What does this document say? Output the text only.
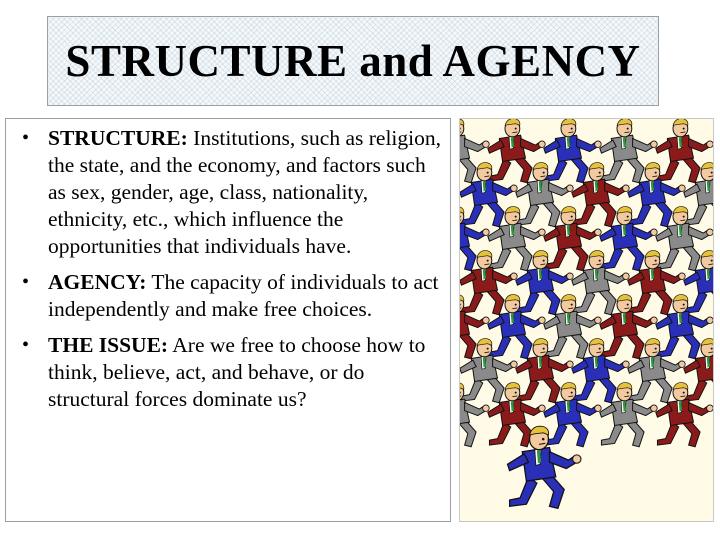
STRUCTURE and AGENCY
• STRUCTURE: Institutions, such as religion, the state, and the economy, and factors such as sex, gender, age, class, nationality, ethnicity, etc., which influence the opportunities that individuals have.
• AGENCY: The capacity of individuals to act independently and make free choices.
• THE ISSUE: Are we free to choose how to think, believe, act, and behave, or do structural forces dominate us?
